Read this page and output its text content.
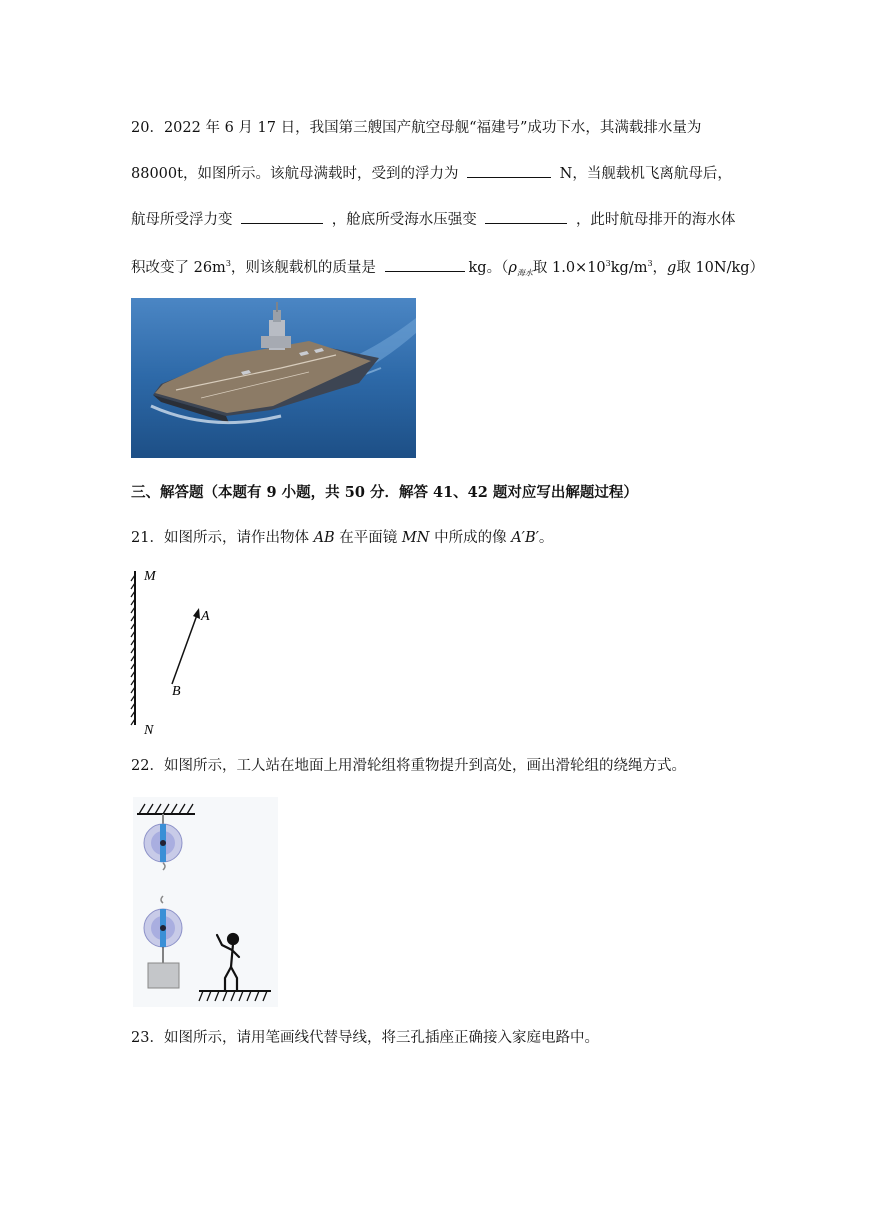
20．2022 年 6 月 17 日，我国第三艘国产航空母舰“福建号”成功下水，其满载排水量为
88000t，如图所示。该航母满载时，受到的浮力为	N，当舰载机飞离航母后，
航母所受浮力变	，舱底所受海水压强变	，此时航母排开的海水体
积改变了 $26m^3$，则该舰载机的质量是	kg。（$\rho_{海水}$取 $1.0\times 10^3kg/m^3$，g取 10N/kg）
三、解答题（本题有 9 小题，共 50 分．解答 41、42 题对应写出解题过程）
21．如图所示，请作出物体 AB 在平面镜 MN 中所成的像 A′B′。
M
N
A
B
22．如图所示，工人站在地面上用滑轮组将重物提升到高处，画出滑轮组的绕绳方式。
23．如图所示，请用笔画线代替导线，将三孔插座正确接入家庭电路中。
